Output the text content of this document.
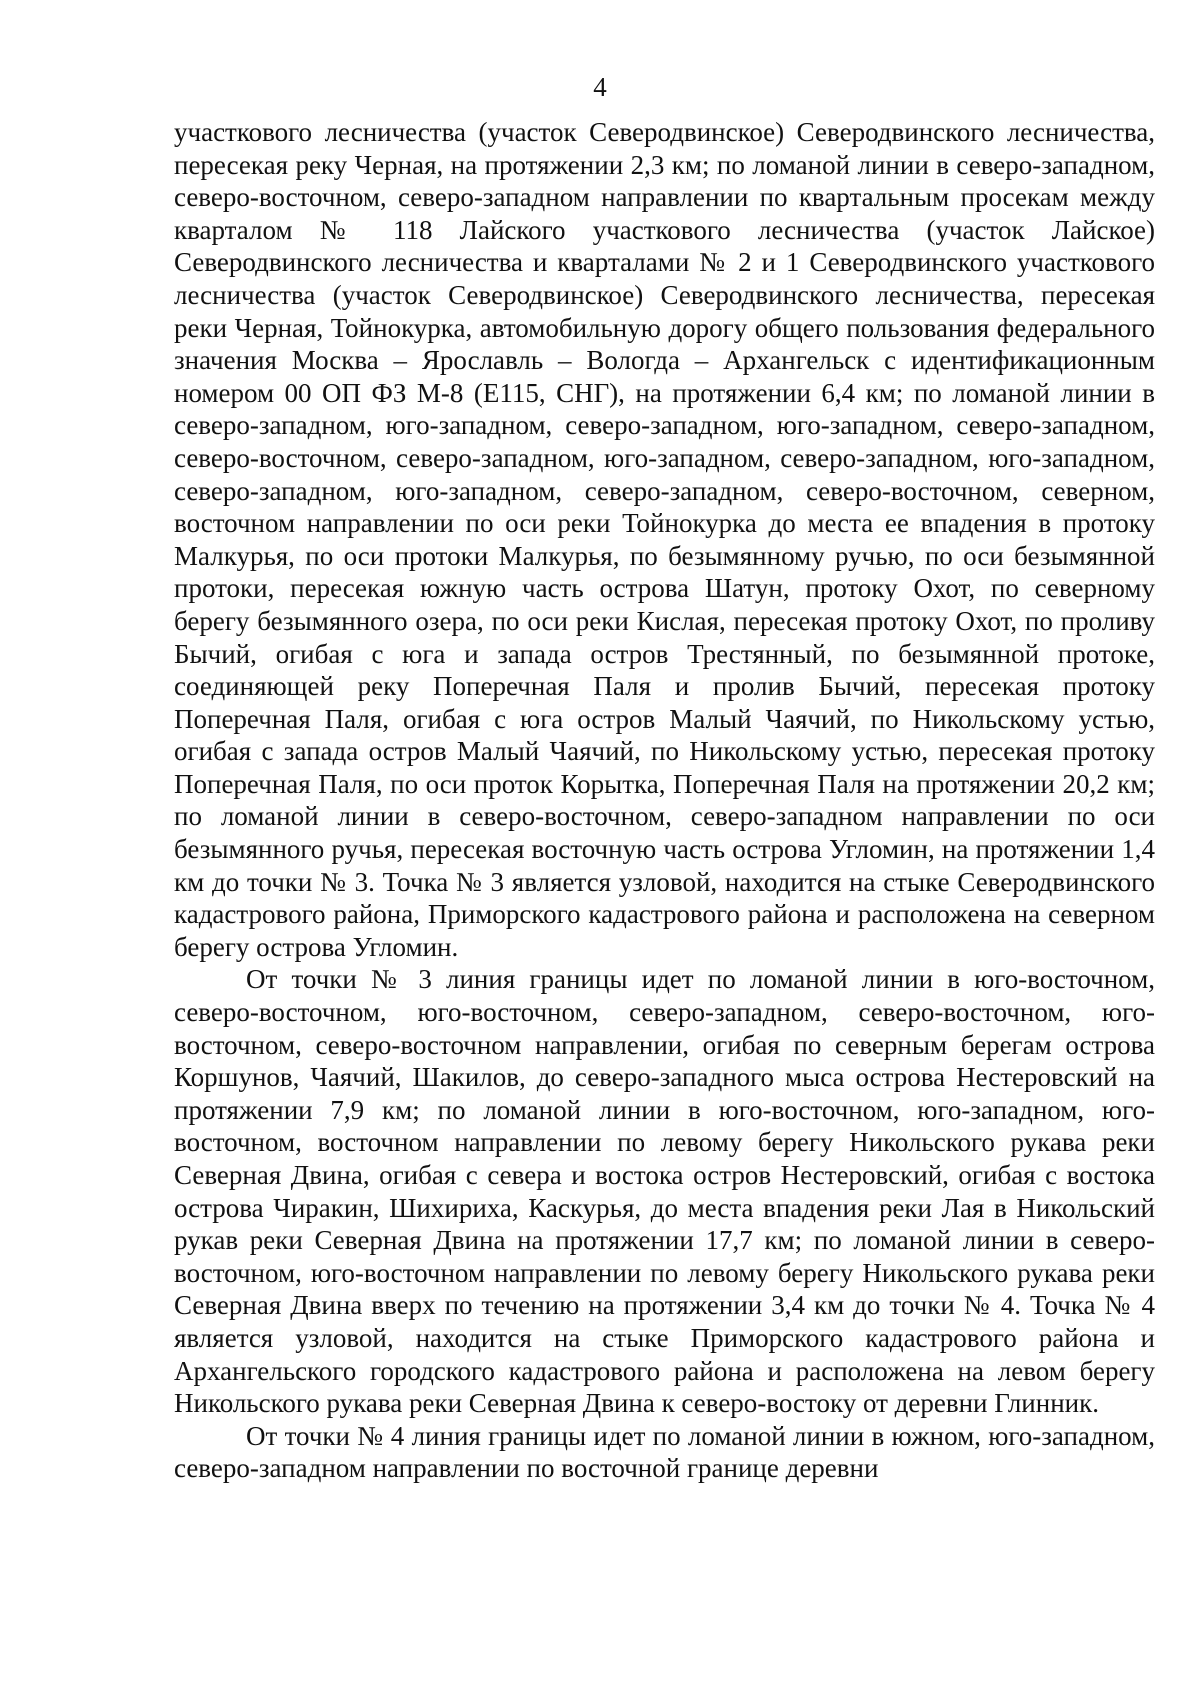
4

участкового лесничества (участок Северодвинское) Северодвинского лесничества, пересекая реку Черная, на протяжении 2,3 км; по ломаной линии в северо-западном, северо-восточном, северо-западном направлении по квартальным просекам между кварталом № 118 Лайского участкового лесничества (участок Лайское) Северодвинского лесничества и кварталами № 2 и 1 Северодвинского участкового лесничества (участок Северодвинское) Северодвинского лесничества, пересекая реки Черная, Тойнокурка, автомобильную дорогу общего пользования федерального значения Москва – Ярославль – Вологда – Архангельск с идентификационным номером 00 ОП ФЗ М-8 (Е115, СНГ), на протяжении 6,4 км; по ломаной линии в северо-западном, юго-западном, северо-западном, юго-западном, северо-западном, северо-восточном, северо-западном, юго-западном, северо-западном, юго-западном, северо-западном, юго-западном, северо-западном, северо-восточном, северном, восточном направлении по оси реки Тойнокурка до места ее впадения в протоку Малкурья, по оси протоки Малкурья, по безымянному ручью, по оси безымянной протоки, пересекая южную часть острова Шатун, протоку Охот, по северному берегу безымянного озера, по оси реки Кислая, пересекая протоку Охот, по проливу Бычий, огибая с юга и запада остров Трестянный, по безымянной протоке, соединяющей реку Поперечная Паля и пролив Бычий, пересекая протоку Поперечная Паля, огибая с юга остров Малый Чаячий, по Никольскому устью, огибая с запада остров Малый Чаячий, по Никольскому устью, пересекая протоку Поперечная Паля, по оси проток Корытка, Поперечная Паля на протяжении 20,2 км; по ломаной линии в северо-восточном, северо-западном направлении по оси безымянного ручья, пересекая восточную часть острова Угломин, на протяжении 1,4 км до точки № 3. Точка № 3 является узловой, находится на стыке Северодвинского кадастрового района, Приморского кадастрового района и расположена на северном берегу острова Угломин.

От точки № 3 линия границы идет по ломаной линии в юго-восточном, северо-восточном, юго-восточном, северо-западном, северо-восточном, юго-восточном, северо-восточном направлении, огибая по северным берегам острова Коршунов, Чаячий, Шакилов, до северо-западного мыса острова Нестеровский на протяжении 7,9 км; по ломаной линии в юго-восточном, юго-западном, юго-восточном, восточном направлении по левому берегу Никольского рукава реки Северная Двина, огибая с севера и востока остров Нестеровский, огибая с востока острова Чиракин, Шихириха, Каскурья, до места впадения реки Лая в Никольский рукав реки Северная Двина на протяжении 17,7 км; по ломаной линии в северо-восточном, юго-восточном направлении по левому берегу Никольского рукава реки Северная Двина вверх по течению на протяжении 3,4 км до точки № 4. Точка № 4 является узловой, находится на стыке Приморского кадастрового района и Архангельского городского кадастрового района и расположена на левом берегу Никольского рукава реки Северная Двина к северо-востоку от деревни Глинник.

От точки № 4 линия границы идет по ломаной линии в южном, юго-западном, северо-западном направлении по восточной границе деревни
